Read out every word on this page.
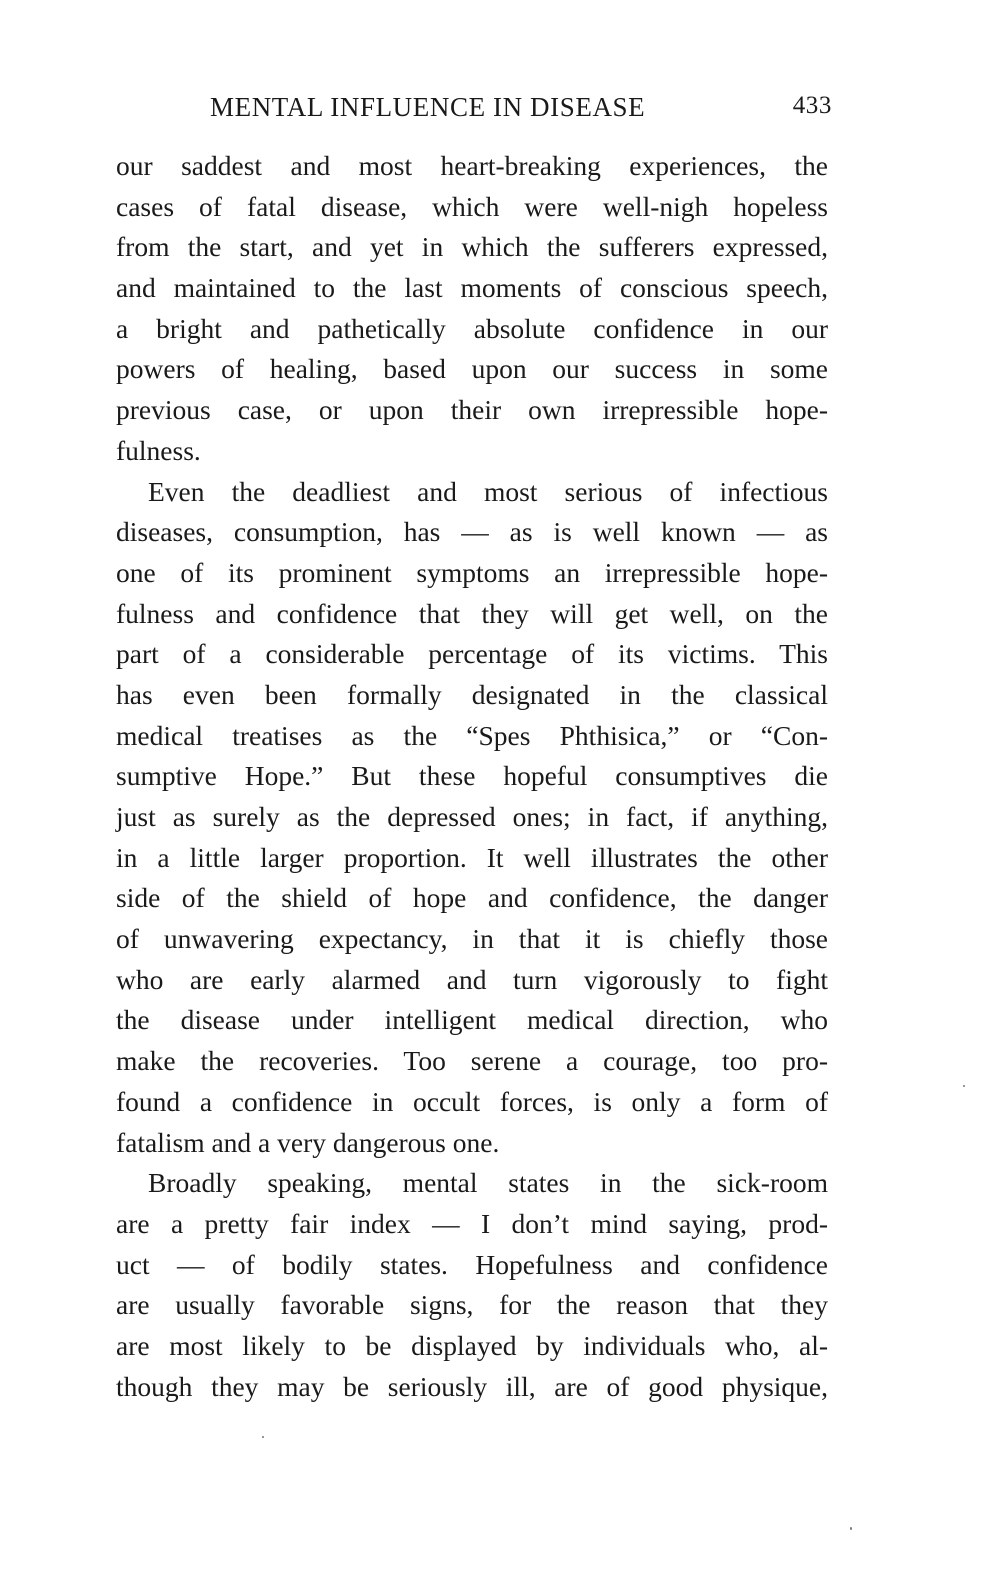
MENTAL INFLUENCE IN DISEASE	433
our saddest and most heart-breaking experiences, the
cases of fatal disease, which were well-nigh hopeless
from the start, and yet in which the sufferers expressed,
and maintained to the last moments of conscious speech,
a bright and pathetically absolute confidence in our
powers of healing, based upon our success in some
previous case, or upon their own irrepressible hope-
fulness.
Even the deadliest and most serious of infectious
diseases, consumption, has — as is well known — as
one of its prominent symptoms an irrepressible hope-
fulness and confidence that they will get well, on the
part of a considerable percentage of its victims. This
has even been formally designated in the classical
medical treatises as the “Spes Phthisica,” or “Con-
sumptive Hope.” But these hopeful consumptives die
just as surely as the depressed ones; in fact, if anything,
in a little larger proportion. It well illustrates the other
side of the shield of hope and confidence, the danger
of unwavering expectancy, in that it is chiefly those
who are early alarmed and turn vigorously to fight
the disease under intelligent medical direction, who
make the recoveries. Too serene a courage, too pro-
found a confidence in occult forces, is only a form of
fatalism and a very dangerous one.
Broadly speaking, mental states in the sick-room
are a pretty fair index — I don’t mind saying, prod-
uct — of bodily states. Hopefulness and confidence
are usually favorable signs, for the reason that they
are most likely to be displayed by individuals who, al-
though they may be seriously ill, are of good physique,
